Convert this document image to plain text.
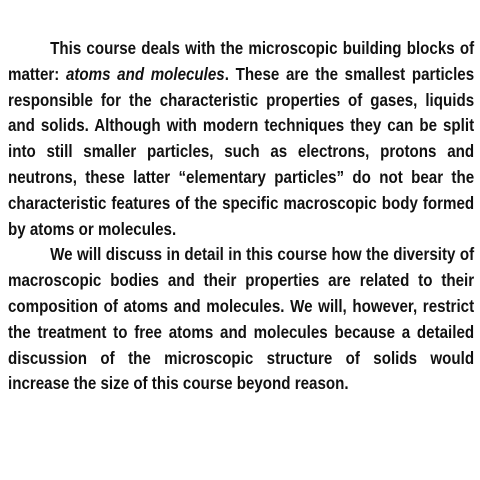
This course deals with the microscopic building blocks of matter: atoms and molecules. These are the smallest particles responsible for the characteristic properties of gases, liquids and solids. Although with modern techniques they can be split into still smaller particles, such as electrons, protons and neutrons, these latter “elementary particles” do not bear the characteristic features of the specific macroscopic body formed by atoms or molecules.

We will discuss in detail in this course how the diversity of macroscopic bodies and their properties are related to their composition of atoms and molecules. We will, however, restrict the treatment to free atoms and molecules because a detailed discussion of the microscopic structure of solids would increase the size of this course beyond reason.
